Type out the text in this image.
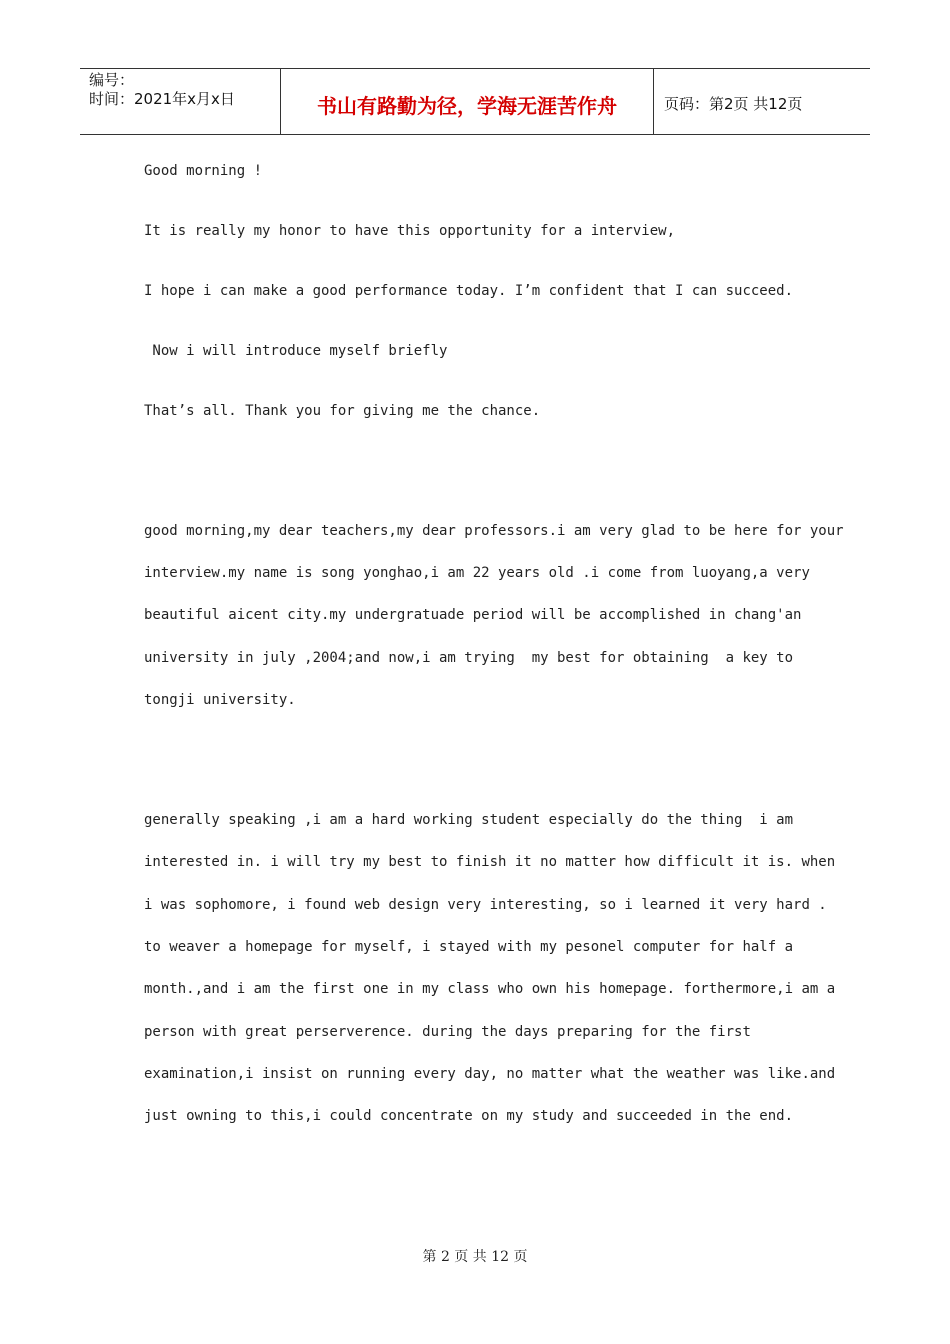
编号：
时间：2021年x月x日	书山有路勤为径，学海无涯苦作舟	页码：第2页 共12页
Good morning !
It is really my honor to have this opportunity for a interview,
I hope i can make a good performance today. I’m confident that I can succeed.
Now i will introduce myself briefly
That’s all. Thank you for giving me the chance.
good morning,my dear teachers,my dear professors.i am very glad to be here for your
interview.my name is song yonghao,i am 22 years old .i come from luoyang,a very
beautiful aicent city.my undergratuade period will be accomplished in chang'an
university in july ,2004;and now,i am trying  my best for obtaining  a key to
tongji university.
generally speaking ,i am a hard working student especially do the thing  i am
interested in. i will try my best to finish it no matter how difficult it is. when
i was sophomore, i found web design very interesting, so i learned it very hard .
to weaver a homepage for myself, i stayed with my pesonel computer for half a
month.,and i am the first one in my class who own his homepage. forthermore,i am a
person with great perserverence. during the days preparing for the first
examination,i insist on running every day, no matter what the weather was like.and
just owning to this,i could concentrate on my study and succeeded in the end.
第 2 页 共 12 页
